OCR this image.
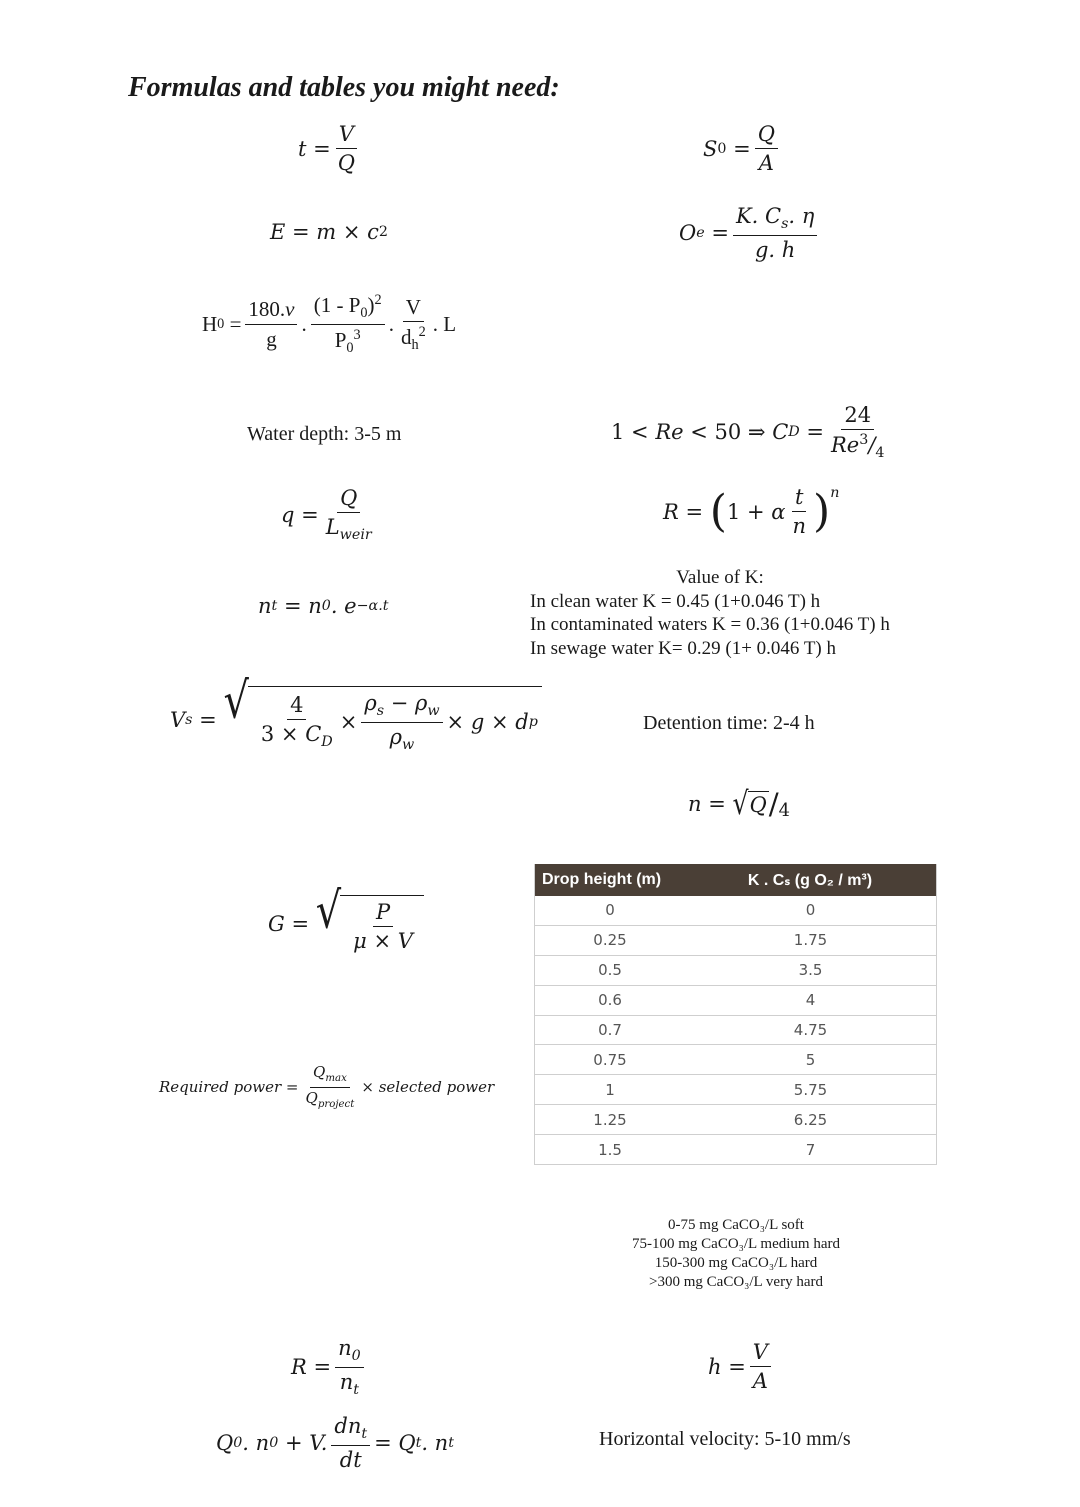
Formulas and tables you might need:
$t = \frac{V}{Q}$	S $0 = \frac{Q}{A}$
E = m × c 2	O $e = \frac{K. C_s. \eta}{g. h}$
H $0 = \frac{180.\nu}{g}$ . $\frac{(1 - P_0)^2}{P_0^3}$ . $\frac{V}{d_h^2}$ . L
Water depth: 3-5 m	1 < Re < 50 ⇒ C $D = \frac{24}{Re^3/_4}$
$q = \frac{Q}{L_{weir}}$	R = ( 1 + α $\frac{t}{n} )^n$
Value of K:
In clean water K = 0.45 (1+0.046 T) h
In contaminated waters K = 0.36 (1+0.046 T) h
In sewage water K= 0.29 (1+ 0.046 T) h
n t = n 0 . e −α.t
V s = √ $\frac{4}{3 \times C_D} \times \frac{\rho_s - \rho_w}{\rho_w} \times g \times d$ p	Detention time: 2-4 h
n = √ Q / 4
Drop height (m)	K . Cₛ (g O₂ / m³)
0	0
0.25	1.75
0.5	3.5
0.6	4
0.7	4.75
0.75	5
1	5.75
1.25	6.25
1.5	7
G = √ $\frac{P}{\mu \times V}$
Required power = $\frac{Q_{max}}{Q_{project}}$ × selected power
0-75 mg CaCO₃/L soft
75-100 mg CaCO₃/L medium hard
150-300 mg CaCO₃/L hard
>300 mg CaCO₃/L very hard
$R = \frac{n_0}{n_t}$	$h = \frac{V}{A}$
Q 0 . n 0 + V. $\frac{dn_t}{dt} = Q$ t . n t	Horizontal velocity: 5-10 mm/s
